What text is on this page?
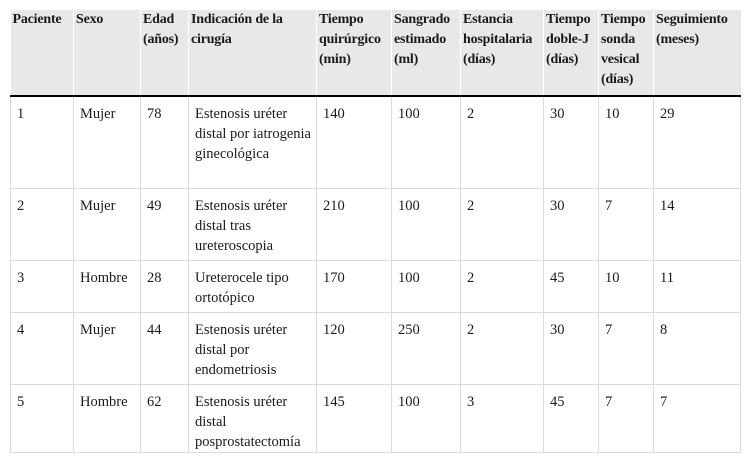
Paciente	Sexo	Edad (años)	Indicación de la cirugía	Tiempo quirúrgico (min)	Sangrado estimado (ml)	Estancia hospitalaria (días)	Tiempo doble-J (días)	Tiempo sonda vesical (días)	Seguimiento (meses)
1	Mujer	78	Estenosis uréter distal por iatrogenia ginecológica	140	100	2	30	10	29
2	Mujer	49	Estenosis uréter distal tras ureteroscopia	210	100	2	30	7	14
3	Hombre	28	Ureterocele tipo ortotópico	170	100	2	45	10	11
4	Mujer	44	Estenosis uréter distal por endometriosis	120	250	2	30	7	8
5	Hombre	62	Estenosis uréter distal posprostatectomía	145	100	3	45	7	7
